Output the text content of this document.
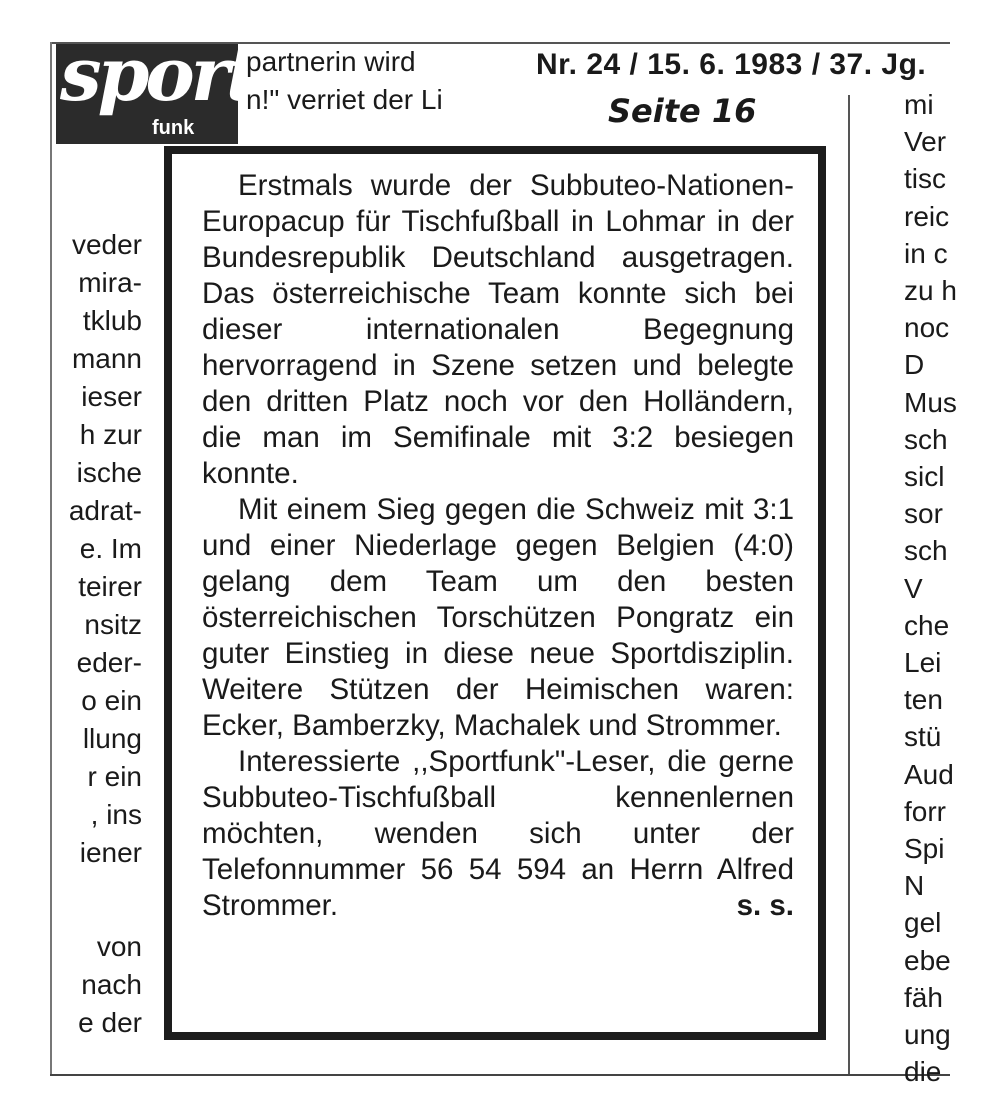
sport
funk
partnerin wird
n!" verriet der Li
Nr. 24 / 15. 6. 1983 / 37. Jg.
Seite 16
veder
mira-
tklub
mann
ieser
h zur
ische
adrat-
e. Im
teirer
nsitz
eder-
o ein
llung
r ein
, ins
iener
von
nach
e der
mi
Ver
tisc
reic
in c
zu h
noc
D
Mus
sch
sicl
sor
sch
V
che
Lei
ten
stü
Aud
forr
Spi
N
gel
ebe
fäh
ung
die

Erstmals wurde der Subbuteo-Nationen-Europacup für Tischfußball in Lohmar in der Bundesrepublik Deutschland ausgetragen. Das österreichische Team konnte sich bei dieser internationalen Begegnung hervorragend in Szene setzen und belegte den dritten Platz noch vor den Holländern, die man im Semifinale mit 3:2 besiegen konnte.

Mit einem Sieg gegen die Schweiz mit 3:1 und einer Niederlage gegen Belgien (4:0) gelang dem Team um den besten österreichischen Torschützen Pongratz ein guter Einstieg in diese neue Sportdisziplin. Weitere Stützen der Heimischen waren: Ecker, Bamberzky, Machalek und Strommer.

Interessierte ,,Sportfunk"-Leser, die gerne Subbuteo-Tischfußball kennenlernen möchten, wenden sich unter der Telefonnummer 56 54 594 an Herrn Alfred Strommer.	s. s.
